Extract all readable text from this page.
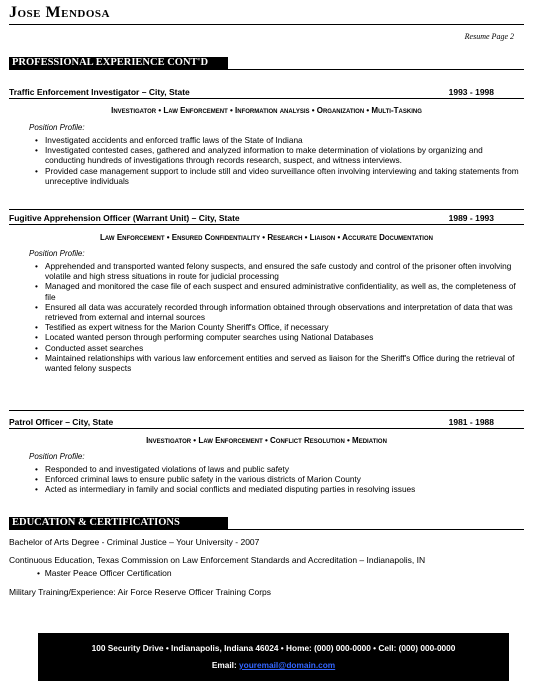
Jose Mendosa
Resume Page 2
PROFESSIONAL EXPERIENCE CONT'D
Traffic Enforcement Investigator – City, State	1993 - 1998
Investigator • Law Enforcement • Information analysis • Organization • Multi-Tasking
Position Profile:
• Investigated accidents and enforced traffic laws of the State of Indiana
• Investigated contested cases, gathered and analyzed information to make determination of violations by organizing and conducting hundreds of investigations through records research, suspect, and witness interviews.
• Provided case management support to include still and video surveillance often involving interviewing and taking statements from unreceptive individuals
Fugitive Apprehension Officer (Warrant Unit) – City, State	1989 - 1993
Law Enforcement • Ensured Confidentiality • Research • Liaison • Accurate Documentation
Position Profile:
• Apprehended and transported wanted felony suspects, and ensured the safe custody and control of the prisoner often involving volatile and high stress situations in route for judicial processing
• Managed and monitored the case file of each suspect and ensured administrative confidentiality, as well as, the completeness of file
• Ensured all data was accurately recorded through information obtained through observations and interpretation of data that was retrieved from external and internal sources
• Testified as expert witness for the Marion County Sheriff's Office, if necessary
• Located wanted person through performing computer searches using National Databases
• Conducted asset searches
• Maintained relationships with various law enforcement entities and served as liaison for the Sheriff's Office during the retrieval of wanted felony suspects
Patrol Officer – City, State	1981 - 1988
Investigator • Law Enforcement • Conflict Resolution • Mediation
Position Profile:
• Responded to and investigated violations of laws and public safety
• Enforced criminal laws to ensure public safety in the various districts of Marion County
• Acted as intermediary in family and social conflicts and mediated disputing parties in resolving issues
EDUCATION & CERTIFICATIONS
Bachelor of Arts Degree - Criminal Justice – Your University - 2007
Continuous Education, Texas Commission on Law Enforcement Standards and Accreditation – Indianapolis, IN
•  Master Peace Officer Certification
Military Training/Experience: Air Force Reserve Officer Training Corps
100 Security Drive • Indianapolis, Indiana 46024 • Home: (000) 000-0000 • Cell: (000) 000-0000
Email: youremail@domain.com
